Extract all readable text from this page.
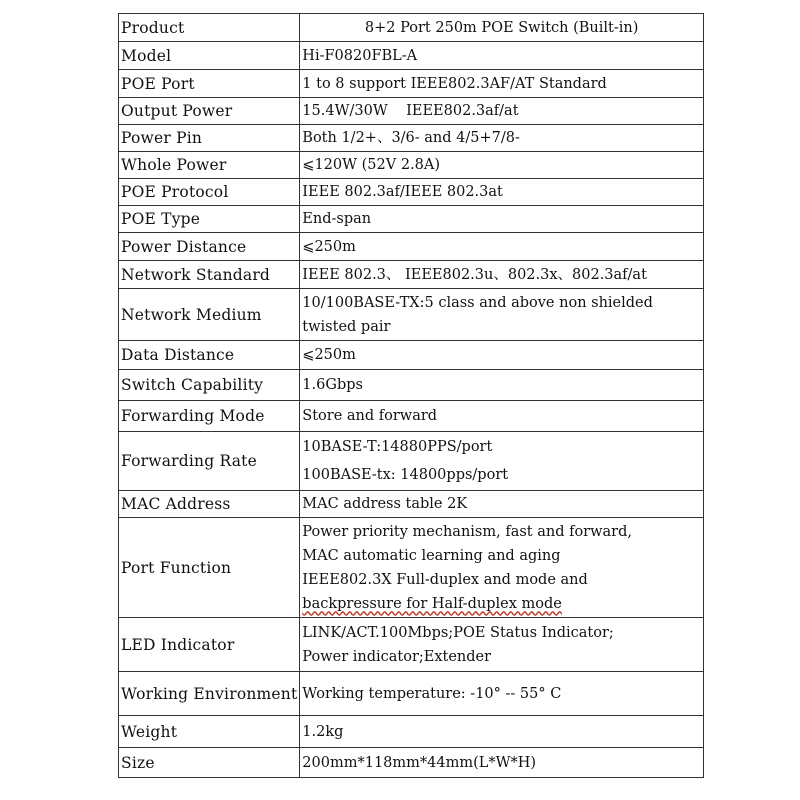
Product	8+2 Port 250m POE Switch (Built-in)

Model	Hi-F0820FBL-A

POE Port	1 to 8 support IEEE802.3AF/AT Standard

Output Power	15.4W/30W    IEEE802.3af/at

Power Pin	Both 1/2+、3/6- and 4/5+7/8-

Whole Power	⩽120W (52V 2.8A)

POE Protocol	IEEE 802.3af/IEEE 802.3at

POE Type	End-span

Power Distance	⩽250m

Network Standard	IEEE 802.3、 IEEE802.3u、802.3x、802.3af/at

Network Medium	10/100BASE-TX:5 class and above non shielded
twisted pair

Data Distance	⩽250m

Switch Capability	1.6Gbps

Forwarding Mode	Store and forward

Forwarding Rate	10BASE-T:14880PPS/port
100BASE-tx: 14800pps/port

MAC Address	MAC address table 2K

Port Function	Power priority mechanism, fast and forward,
MAC automatic learning and aging
IEEE802.3X Full-duplex and mode and
backpressure for Half-duplex mode

LED Indicator	LINK/ACT.100Mbps;POE Status Indicator;
Power indicator;Extender

Working Environment	Working temperature: -10° -- 55° C

Weight	1.2kg

Size	200mm*118mm*44mm(L*W*H)
